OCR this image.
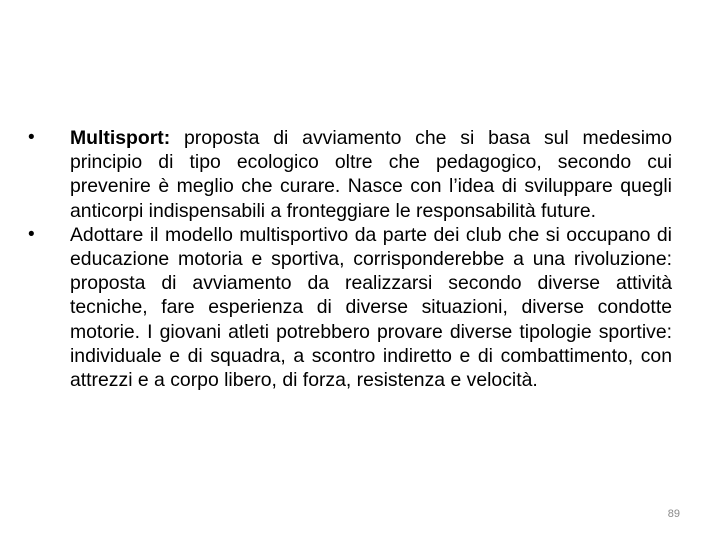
•	Multisport: proposta di avviamento che si basa sul medesimo principio di tipo ecologico oltre che pedagogico, secondo cui prevenire è meglio che curare. Nasce con l’idea di sviluppare quegli anticorpi indispensabili a fronteggiare le responsabilità future.
•	Adottare il modello multisportivo da parte dei club che si occupano di educazione motoria e sportiva, corrisponderebbe a una rivoluzione: proposta di avviamento da realizzarsi secondo diverse attività tecniche, fare esperienza di diverse situazioni, diverse condotte motorie. I giovani atleti potrebbero provare diverse tipologie sportive: individuale e di squadra, a scontro indiretto e di combattimento, con attrezzi e a corpo libero, di forza, resistenza e velocità.
89
